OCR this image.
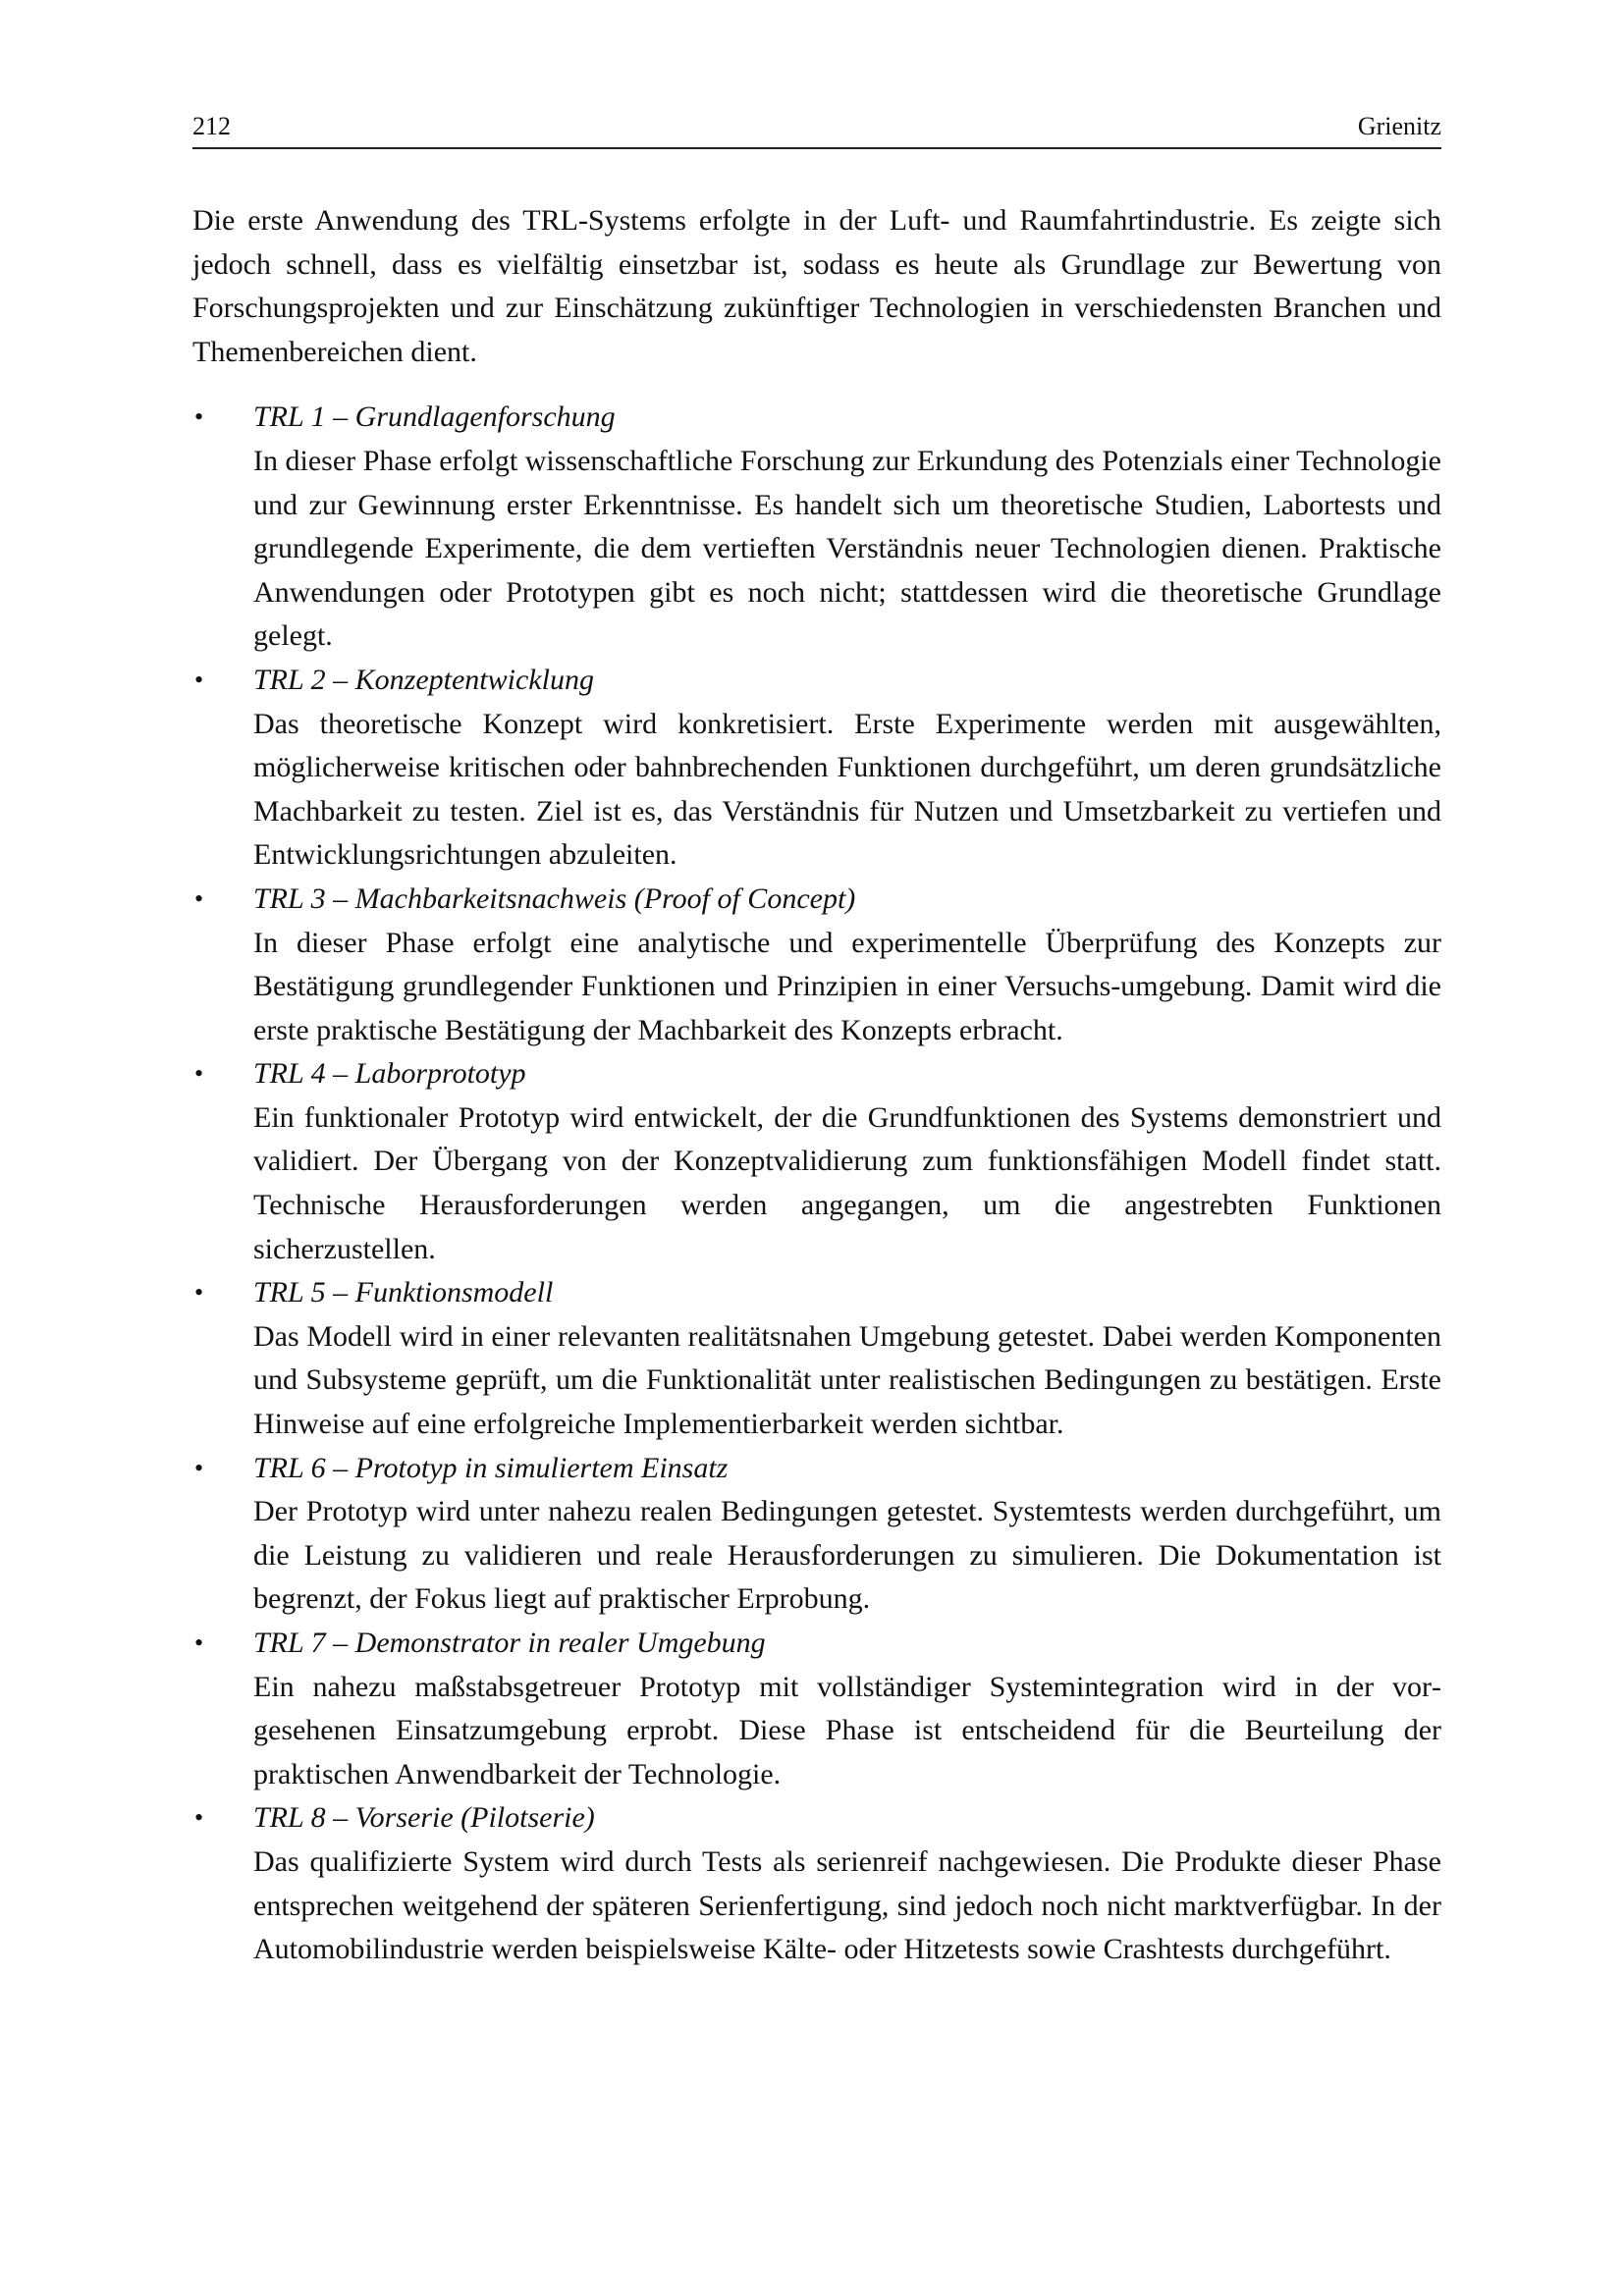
212	Grienitz

Die erste Anwendung des TRL-Systems erfolgte in der Luft- und Raumfahrtindustrie. Es zeigte sich jedoch schnell, dass es vielfältig einsetzbar ist, sodass es heute als Grundlage zur Bewertung von Forschungsprojekten und zur Einschätzung zukünftiger Technologien in verschiedensten Branchen und Themenbereichen dient.

• TRL 1 – Grundlagenforschung
In dieser Phase erfolgt wissenschaftliche Forschung zur Erkundung des Potenzials einer Technologie und zur Gewinnung erster Erkenntnisse. Es handelt sich um theoretische Studien, Labortests und grundlegende Experimente, die dem vertieften Verständnis neuer Technologien dienen. Praktische Anwendungen oder Prototypen gibt es noch nicht; stattdessen wird die theoretische Grundlage gelegt.
• TRL 2 – Konzeptentwicklung
Das theoretische Konzept wird konkretisiert. Erste Experimente werden mit ausgewählten, möglicherweise kritischen oder bahnbrechenden Funktionen durchgeführt, um deren grundsätzliche Machbarkeit zu testen. Ziel ist es, das Verständnis für Nutzen und Umsetzbarkeit zu vertiefen und Entwicklungsrichtungen abzuleiten.
• TRL 3 – Machbarkeitsnachweis (Proof of Concept)
In dieser Phase erfolgt eine analytische und experimentelle Überprüfung des Konzepts zur Bestätigung grundlegender Funktionen und Prinzipien in einer Versuchs-umgebung. Damit wird die erste praktische Bestätigung der Machbarkeit des Konzepts erbracht.
• TRL 4 – Laborprototyp
Ein funktionaler Prototyp wird entwickelt, der die Grundfunktionen des Systems demonstriert und validiert. Der Übergang von der Konzeptvalidierung zum funktionsfähigen Modell findet statt. Technische Herausforderungen werden angegangen, um die angestrebten Funktionen sicherzustellen.
• TRL 5 – Funktionsmodell
Das Modell wird in einer relevanten realitätsnahen Umgebung getestet. Dabei werden Komponenten und Subsysteme geprüft, um die Funktionalität unter realistischen Bedingungen zu bestätigen. Erste Hinweise auf eine erfolgreiche Implementierbarkeit werden sichtbar.
• TRL 6 – Prototyp in simuliertem Einsatz
Der Prototyp wird unter nahezu realen Bedingungen getestet. Systemtests werden durchgeführt, um die Leistung zu validieren und reale Herausforderungen zu simulieren. Die Dokumentation ist begrenzt, der Fokus liegt auf praktischer Erprobung.
• TRL 7 – Demonstrator in realer Umgebung
Ein nahezu maßstabsgetreuer Prototyp mit vollständiger Systemintegration wird in der vorgesehenen Einsatzumgebung erprobt. Diese Phase ist entscheidend für die Beurteilung der praktischen Anwendbarkeit der Technologie.
• TRL 8 – Vorserie (Pilotserie)
Das qualifizierte System wird durch Tests als serienreif nachgewiesen. Die Produkte dieser Phase entsprechen weitgehend der späteren Serienfertigung, sind jedoch noch nicht marktverfügbar. In der Automobilindustrie werden beispielsweise Kälte- oder Hitzetests sowie Crashtests durchgeführt.
